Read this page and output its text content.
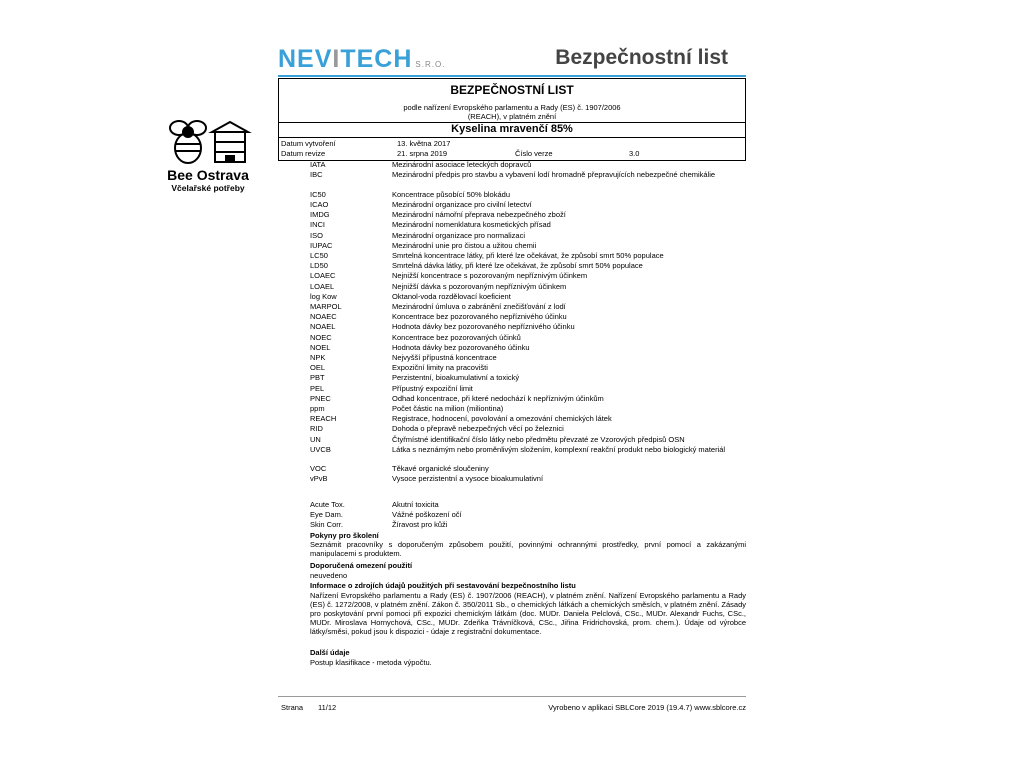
NEVITECH S.R.O.	Bezpečnostní list
BEZPEČNOSTNÍ LIST
podle nařízení Evropského parlamentu a Rady (ES) č. 1907/2006
(REACH), v platném znění
Kyselina mravenčí 85%
Datum vytvoření	13. května 2017
Datum revize	21. srpna 2019	Číslo verze	3.0
Bee Ostrava
Včelařské potřeby
IATA	Mezinárodní asociace leteckých dopravců
IBC	Mezinárodní předpis pro stavbu a vybavení lodí hromadně přepravujících nebezpečné chemikálie
IC50	Koncentrace působící 50% blokádu
ICAO	Mezinárodní organizace pro civilní letectví
IMDG	Mezinárodní námořní přeprava nebezpečného zboží
INCI	Mezinárodní nomenklatura kosmetických přísad
ISO	Mezinárodní organizace pro normalizaci
IUPAC	Mezinárodní unie pro čistou a užitou chemii
LC50	Smrtelná koncentrace látky, při které lze očekávat, že způsobí smrt 50% populace
LD50	Smrtelná dávka látky, při které lze očekávat, že způsobí smrt 50% populace
LOAEC	Nejnižší koncentrace s pozorovaným nepříznivým účinkem
LOAEL	Nejnižší dávka s pozorovaným nepříznivým účinkem
log Kow	Oktanol-voda rozdělovací koeficient
MARPOL	Mezinárodní úmluva o zabránění znečišťování z lodí
NOAEC	Koncentrace bez pozorovaného nepříznivého účinku
NOAEL	Hodnota dávky bez pozorovaného nepříznivého účinku
NOEC	Koncentrace bez pozorovaných účinků
NOEL	Hodnota dávky bez pozorovaného účinku
NPK	Nejvyšší přípustná koncentrace
OEL	Expoziční limity na pracovišti
PBT	Perzistentní, bioakumulativní a toxický
PEL	Přípustný expoziční limit
PNEC	Odhad koncentrace, při které nedochází k nepříznivým účinkům
ppm	Počet částic na milion (miliontina)
REACH	Registrace, hodnocení, povolování a omezování chemických látek
RID	Dohoda o přepravě nebezpečných věcí po železnici
UN	Čtyřmístné identifikační číslo látky nebo předmětu převzaté ze Vzorových předpisů OSN
UVCB	Látka s neznámým nebo proměnlivým složením, komplexní reakční produkt nebo biologický materiál
VOC	Těkavé organické sloučeniny
vPvB	Vysoce perzistentní a vysoce bioakumulativní
Acute Tox.	Akutní toxicita
Eye Dam.	Vážné poškození očí
Skin Corr.	Žíravost pro kůži
Pokyny pro školení
Seznámit pracovníky s doporučeným způsobem použití, povinnými ochrannými prostředky, první pomocí a zakázanými manipulacemi s produktem.
Doporučená omezení použití
neuvedeno
Informace o zdrojích údajů použitých při sestavování bezpečnostního listu
Nařízení Evropského parlamentu a Rady (ES) č. 1907/2006 (REACH), v platném znění. Nařízení Evropského parlamentu a Rady (ES) č. 1272/2008, v platném znění. Zákon č. 350/2011 Sb., o chemických látkách a chemických směsích, v platném znění. Zásady pro poskytování první pomoci při expozici chemickým látkám (doc. MUDr. Daniela Pelclová, CSc., MUDr. Alexandr Fuchs, CSc., MUDr. Miroslava Hornychová, CSc., MUDr. Zdeňka Trávníčková, CSc., Jiřina Fridrichovská, prom. chem.). Údaje od výrobce látky/směsi, pokud jsou k dispozici - údaje z registrační dokumentace.
Další údaje
Postup klasifikace - metoda výpočtu.
Strana 11/12	Vyrobeno v aplikaci SBLCore 2019 (19.4.7) www.sblcore.cz
